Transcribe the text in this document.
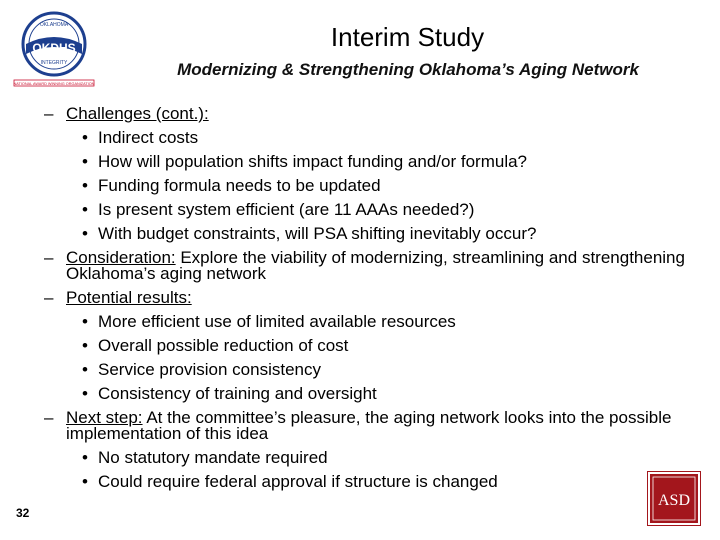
OKLAHOMA
OKDHS
INTEGRITY
NATIONAL AWARD WINNING ORGANIZATION
Interim Study
Modernizing & Strengthening Oklahoma’s Aging Network
– Challenges (cont.):
• Indirect costs
• How will population shifts impact funding and/or formula?
• Funding formula needs to be updated
• Is present system efficient (are 11 AAAs needed?)
• With budget constraints, will PSA shifting inevitably occur?
– Consideration: Explore the viability of modernizing, streamlining and strengthening Oklahoma’s aging network
– Potential results:
• More efficient use of limited available resources
• Overall possible reduction of cost
• Service provision consistency
• Consistency of training and oversight
– Next step: At the committee’s pleasure, the aging network looks into the possible implementation of this idea
• No statutory mandate required
• Could require federal approval if structure is changed
32
ASD
